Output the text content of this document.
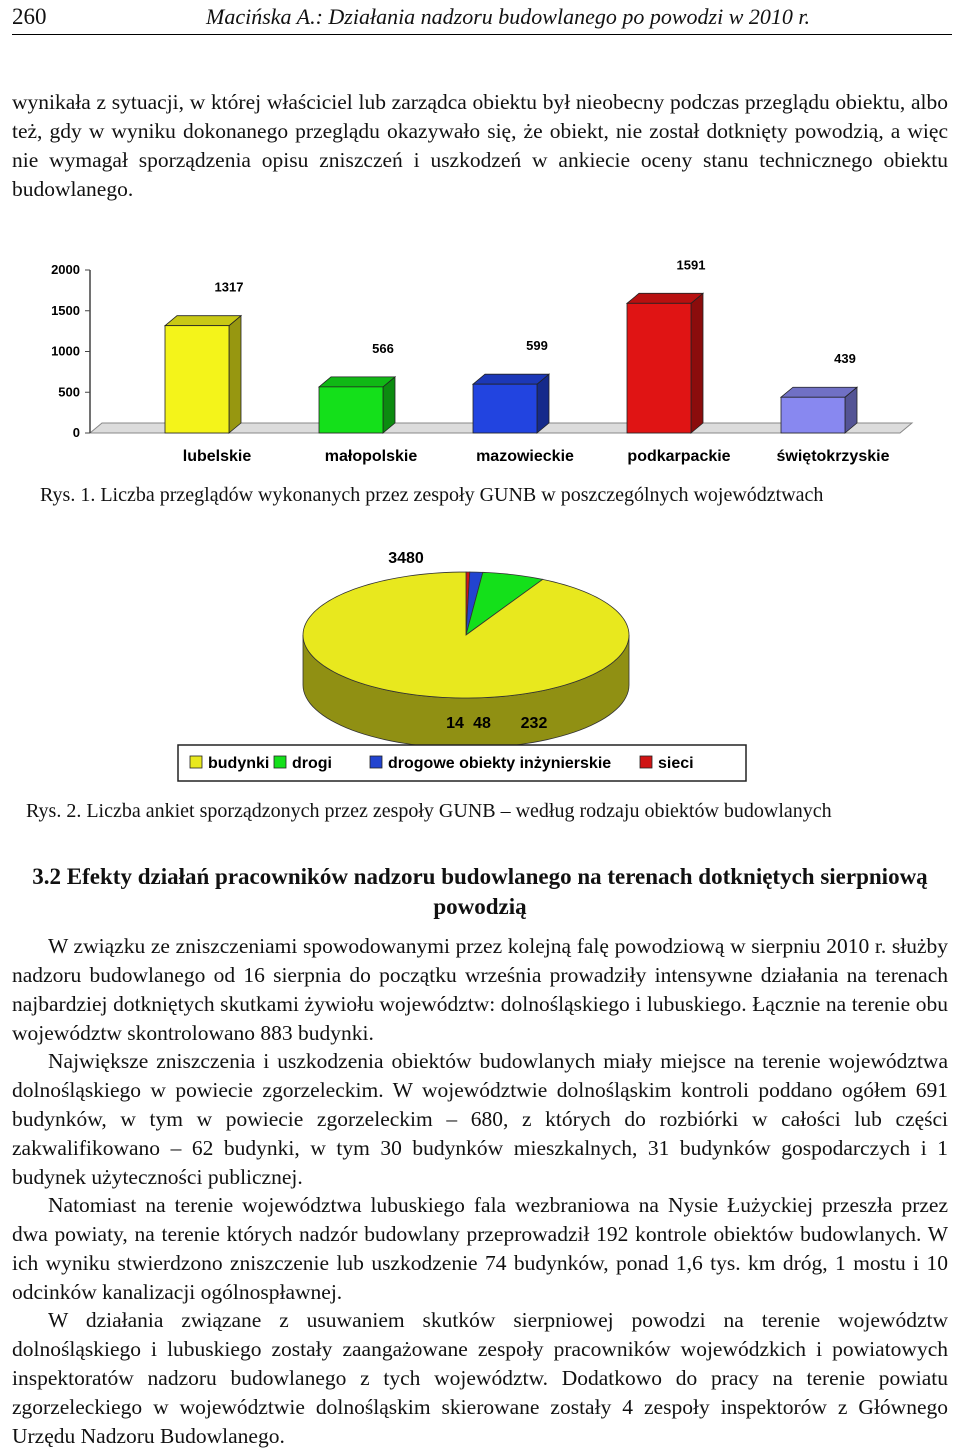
260	Macińska A.: Działania nadzoru budowlanego po powodzi w 2010 r.

wynikała z sytuacji, w której właściciel lub zarządca obiektu był nieobecny podczas przeglądu obiektu, albo też, gdy w wyniku dokonanego przeglądu okazywało się, że obiekt, nie został dotknięty powodzią, a więc nie wymagał sporządzenia opisu zniszczeń i uszkodzeń w ankiecie oceny stanu technicznego obiektu budowlanego.

0
500
1000
1500
2000
1317
lubelskie
566
małopolskie
599
mazowieckie
1591
podkarpackie
439
świętokrzyskie

Rys. 1. Liczba przeglądów wykonanych przez zespoły GUNB w poszczególnych województwach

3480
14 48 232
budynki drogi	drogowe obiekty inżynierskie	sieci

Rys. 2. Liczba ankiet sporządzonych przez zespoły GUNB – według rodzaju obiektów budowlanych

3.2 Efekty działań pracowników nadzoru budowlanego na terenach dotkniętych sierpniową powodzią

W związku ze zniszczeniami spowodowanymi przez kolejną falę powodziową w sierpniu 2010 r. służby nadzoru budowlanego od 16 sierpnia do początku września prowadziły intensywne działania na terenach najbardziej dotkniętych skutkami żywiołu województw: dolnośląskiego i lubuskiego. Łącznie na terenie obu województw skontrolowano 883 budynki.

Największe zniszczenia i uszkodzenia obiektów budowlanych miały miejsce na terenie województwa dolnośląskiego w powiecie zgorzeleckim. W województwie dolnośląskim kontroli poddano ogółem 691 budynków, w tym w powiecie zgorzeleckim – 680, z których do rozbiórki w całości lub części zakwalifikowano – 62 budynki, w tym 30 budynków mieszkalnych, 31 budynków gospodarczych i 1 budynek użyteczności publicznej.

Natomiast na terenie województwa lubuskiego fala wezbraniowa na Nysie Łużyckiej przeszła przez dwa powiaty, na terenie których nadzór budowlany przeprowadził 192 kontrole obiektów budowlanych. W ich wyniku stwierdzono zniszczenie lub uszkodzenie 74 budynków, ponad 1,6 tys. km dróg, 1 mostu i 10 odcinków kanalizacji ogólnospławnej.

W działania związane z usuwaniem skutków sierpniowej powodzi na terenie województw dolnośląskiego i lubuskiego zostały zaangażowane zespoły pracowników wojewódzkich i powiatowych inspektoratów nadzoru budowlanego z tych województw. Dodatkowo do pracy na terenie powiatu zgorzeleckiego w województwie dolnośląskim skierowane zostały 4 zespoły inspektorów z Głównego Urzędu Nadzoru Budowlanego.
